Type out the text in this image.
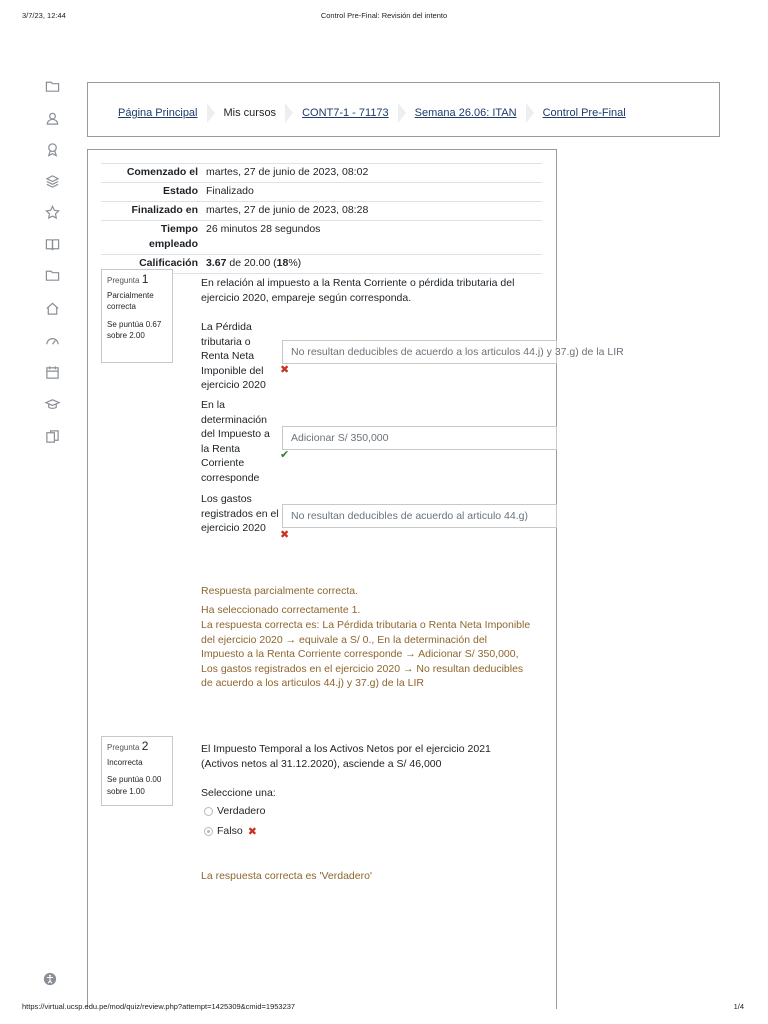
3/7/23, 12:44	Control Pre-Final: Revisión del intento
Página Principal Mis cursos CONT7-1 - 71173 Semana 26.06: ITAN Control Pre-Final
Comenzado el martes, 27 de junio de 2023, 08:02
Estado Finalizado
Finalizado en martes, 27 de junio de 2023, 08:28
Tiempo empleado
26 minutos 28 segundos
Calificación 3.67 de 20.00 (18%)
Pregunta 1
Parcialmente correcta
Se puntúa 0.67 sobre 2.00
En relación al impuesto a la Renta Corriente o pérdida tributaria del ejercicio 2020, empareje según corresponda.
La Pérdida tributaria o Renta Neta Imponible del ejercicio 2020
No resultan deducibles de acuerdo a los articulos 44.j) y 37.g) de la LIR
✖
En la determinación del Impuesto a la Renta Corriente corresponde
Adicionar S/ 350,000
✔
Los gastos registrados en el ejercicio 2020
No resultan deducibles de acuerdo al articulo 44.g)
✖
Respuesta parcialmente correcta.
Ha seleccionado correctamente 1.
La respuesta correcta es: La Pérdida tributaria o Renta Neta Imponible del ejercicio 2020 → equivale a S/ 0., En la determinación del Impuesto a la Renta Corriente corresponde → Adicionar S/ 350,000, Los gastos registrados en el ejercicio 2020 → No resultan deducibles de acuerdo a los articulos 44.j) y 37.g) de la LIR
Pregunta 2
Incorrecta
Se puntúa 0.00 sobre 1.00
El Impuesto Temporal a los Activos Netos por el ejercicio 2021 (Activos netos al 31.12.2020), asciende a S/ 46,000
Seleccione una:
Verdadero
Falso ✖
La respuesta correcta es 'Verdadero'
https://virtual.ucsp.edu.pe/mod/quiz/review.php?attempt=1425309&cmid=1953237	1/4
